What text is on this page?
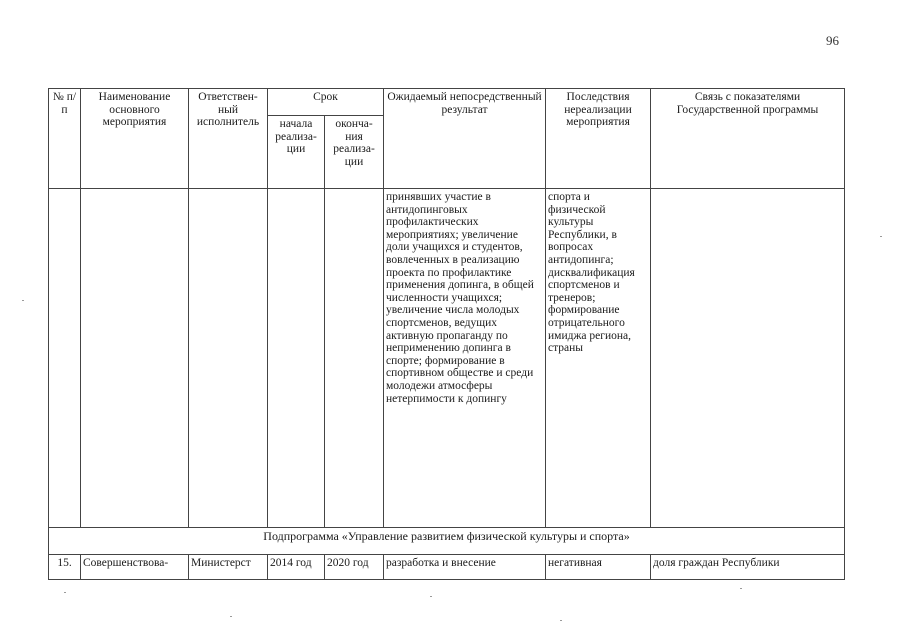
96
№ п/п	Наименование основного мероприятия	Ответствен-ный исполнитель	Срок		Ожидаемый непосредственный результат	Последствия нереализации мероприятия	Связь с показателями Государственной программы
			начала реализа-ции	оконча-ния реализа-ции			
					принявших участие в антидопинговых профилактических мероприятиях; увеличение доли учащихся и студентов, вовлеченных в реализацию проекта по профилактике применения допинга, в общей численности учащихся; увеличение числа молодых спортсменов, ведущих активную пропаганду по неприменению допинга в спорте; формирование в спортивном обществе и среди молодежи атмосферы нетерпимости к допингу	спорта и физической культуры Республики, в вопросах антидопинга; дисквалификация спортсменов и тренеров; формирование отрицательного имиджа региона, страны	
Подпрограмма «Управление развитием физической культуры и спорта»							
15.	Совершенствова-	Министерст	2014 год	2020 год	разработка и внесение	негативная	доля граждан Республики
